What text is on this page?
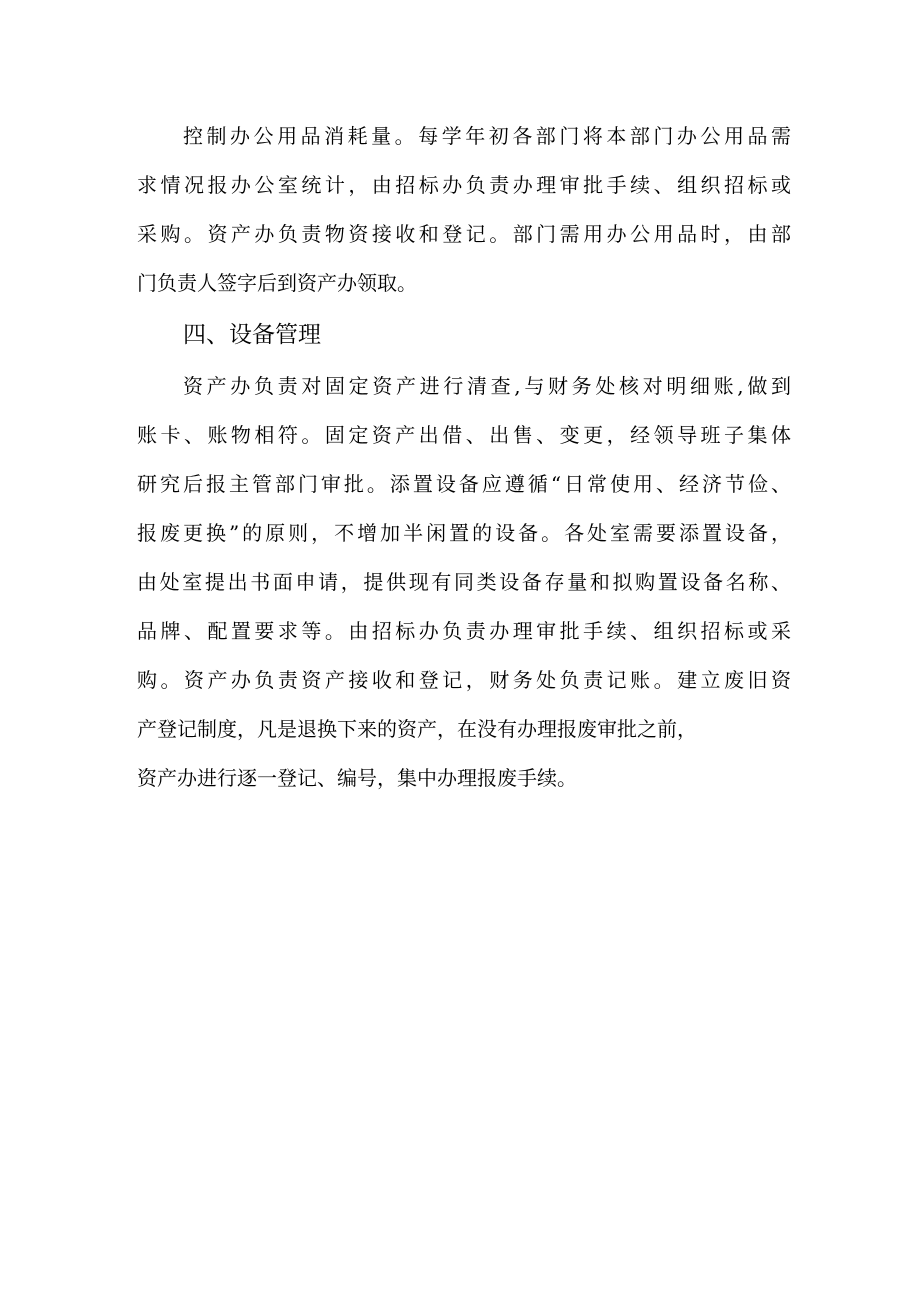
控制办公用品消耗量。每学年初各部门将本部门办公用品需
求情况报办公室统计，由招标办负责办理审批手续、组织招标或
采购。资产办负责物资接收和登记。部门需用办公用品时，由部
门负责人签字后到资产办领取。
四、设备管理
资产办负责对固定资产进行清查,与财务处核对明细账,做到
账卡、账物相符。固定资产出借、出售、变更，经领导班子集体
研究后报主管部门审批。添置设备应遵循“日常使用、经济节俭、
报废更换”的原则，不增加半闲置的设备。各处室需要添置设备，
由处室提出书面申请，提供现有同类设备存量和拟购置设备名称、
品牌、配置要求等。由招标办负责办理审批手续、组织招标或采
购。资产办负责资产接收和登记，财务处负责记账。建立废旧资
产登记制度，凡是退换下来的资产，在没有办理报废审批之前，
资产办进行逐一登记、编号，集中办理报废手续。
